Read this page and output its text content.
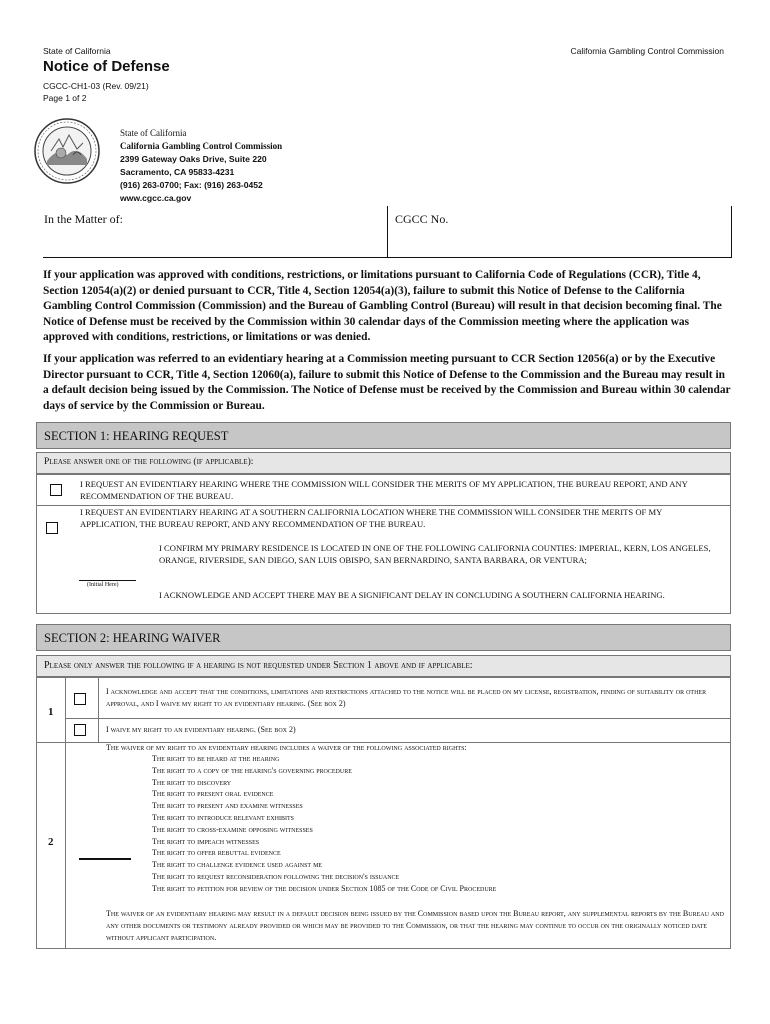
State of California	California Gambling Control Commission
Notice of Defense
CGCC-CH1-03 (Rev. 09/21)
Page 1 of 2
State of California
California Gambling Control Commission
2399 Gateway Oaks Drive, Suite 220
Sacramento, CA 95833-4231
(916) 263-0700; Fax: (916) 263-0452
www.cgcc.ca.gov
In the Matter of:	CGCC No.
If your application was approved with conditions, restrictions, or limitations pursuant to California Code of Regulations (CCR), Title 4, Section 12054(a)(2) or denied pursuant to CCR, Title 4, Section 12054(a)(3), failure to submit this Notice of Defense to the California Gambling Control Commission (Commission) and the Bureau of Gambling Control (Bureau) will result in that decision becoming final. The Notice of Defense must be received by the Commission within 30 calendar days of the Commission meeting where the application was approved with conditions, restrictions, or limitations or was denied.
If your application was referred to an evidentiary hearing at a Commission meeting pursuant to CCR Section 12056(a) or by the Executive Director pursuant to CCR, Title 4, Section 12060(a), failure to submit this Notice of Defense to the Commission and the Bureau may result in a default decision being issued by the Commission. The Notice of Defense must be received by the Commission and Bureau within 30 calendar days of service by the Commission or Bureau.
SECTION 1: HEARING REQUEST
Please answer one of the following (if applicable):
I REQUEST AN EVIDENTIARY HEARING WHERE THE COMMISSION WILL CONSIDER THE MERITS OF MY APPLICATION, THE BUREAU REPORT, AND ANY RECOMMENDATION OF THE BUREAU.
I REQUEST AN EVIDENTIARY HEARING AT A SOUTHERN CALIFORNIA LOCATION WHERE THE COMMISSION WILL CONSIDER THE MERITS OF MY APPLICATION, THE BUREAU REPORT, AND ANY RECOMMENDATION OF THE BUREAU.
I CONFIRM MY PRIMARY RESIDENCE IS LOCATED IN ONE OF THE FOLLOWING CALIFORNIA COUNTIES: IMPERIAL, KERN, LOS ANGELES, ORANGE, RIVERSIDE, SAN DIEGO, SAN LUIS OBISPO, SAN BERNARDINO, SANTA BARBARA, OR VENTURA;
(Initial Here)
I ACKNOWLEDGE AND ACCEPT THERE MAY BE A SIGNIFICANT DELAY IN CONCLUDING A SOUTHERN CALIFORNIA HEARING.
SECTION 2: HEARING WAIVER
Please only answer the following if a hearing is not requested under Section 1 above and if applicable:
1
I acknowledge and accept that the conditions, limitations and restrictions attached to the notice will be placed on my license, registration, finding of suitability or other approval, and I waive my right to an evidentiary hearing. (See box 2)
I waive my right to an evidentiary hearing. (See box 2)
2
The waiver of my right to an evidentiary hearing includes a waiver of the following associated rights:
The right to be heard at the hearing
The right to a copy of the hearing's governing procedure
The right to discovery
The right to present oral evidence
The right to present and examine witnesses
The right to introduce relevant exhibits
The right to cross-examine opposing witnesses
The right to impeach witnesses
The right to offer rebuttal evidence
The right to challenge evidence used against me
The right to request reconsideration following the decision's issuance
The right to petition for review of the decision under Section 1085 of the Code of Civil Procedure
The waiver of an evidentiary hearing may result in a default decision being issued by the Commission based upon the Bureau report, any supplemental reports by the Bureau and any other documents or testimony already provided or which may be provided to the Commission, or that the hearing may continue to occur on the originally noticed date without applicant participation.
